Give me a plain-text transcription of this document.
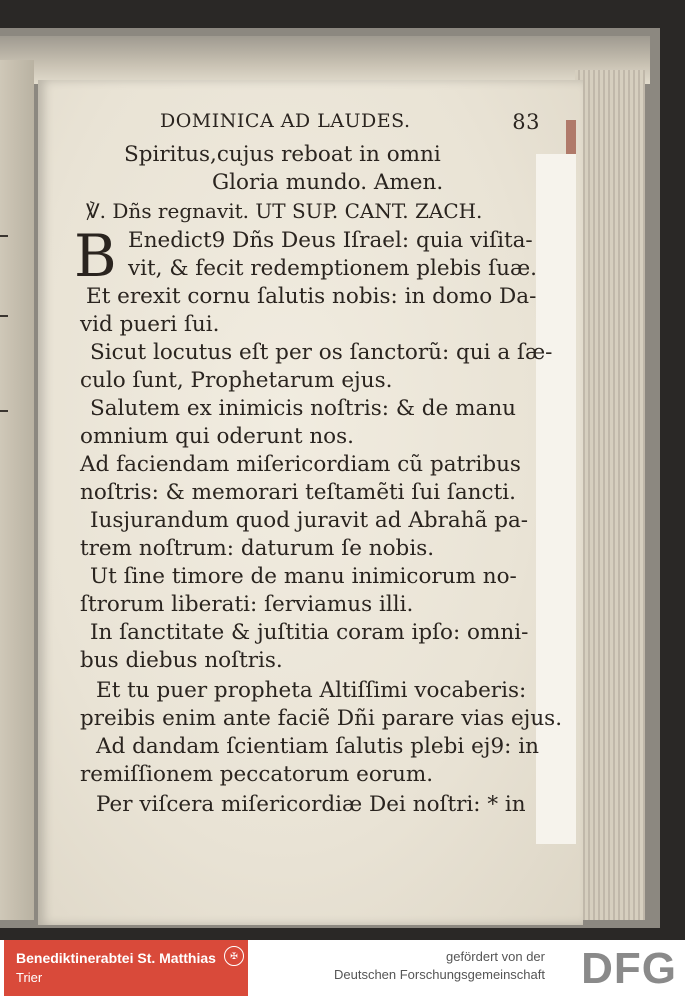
DOMINICA AD LAUDES.	83
B
Spiritus,cujus reboat in omni
Gloria mundo. Amen.
℣. Dñs regnavit. UT SUP. CANT. ZACH.
Enedict9 Dñs Deus Iſrael: quia viſita-
vit, & fecit redemptionem plebis ſuæ.
Et erexit cornu ſalutis nobis: in domo Da-
vid pueri ſui.
Sicut locutus eſt per os ſanctorũ: qui a ſæ-
culo ſunt, Prophetarum ejus.
Salutem ex inimicis noſtris: & de manu
omnium qui oderunt nos.
Ad faciendam miſericordiam cũ patribus
noſtris: & memorari teſtamẽti ſui ſancti.
Iusjurandum quod juravit ad Abrahã pa-
trem noſtrum: daturum ſe nobis.
Ut ſine timore de manu inimicorum no-
ſtrorum liberati: ſerviamus illi.
In ſanctitate & juſtitia coram ipſo: omni-
bus diebus noſtris.
Et tu puer propheta Altiſſimi vocaberis:
preibis enim ante faciẽ Dñi parare vias ejus.
Ad dandam ſcientiam ſalutis plebi ej9: in
remiſſionem peccatorum eorum.
Per viſcera miſericordiæ Dei noſtri: * in
Benediktinerabtei St. Matthias
Trier
✠	gefördert von der
Deutschen Forschungsgemeinschaft DFG
